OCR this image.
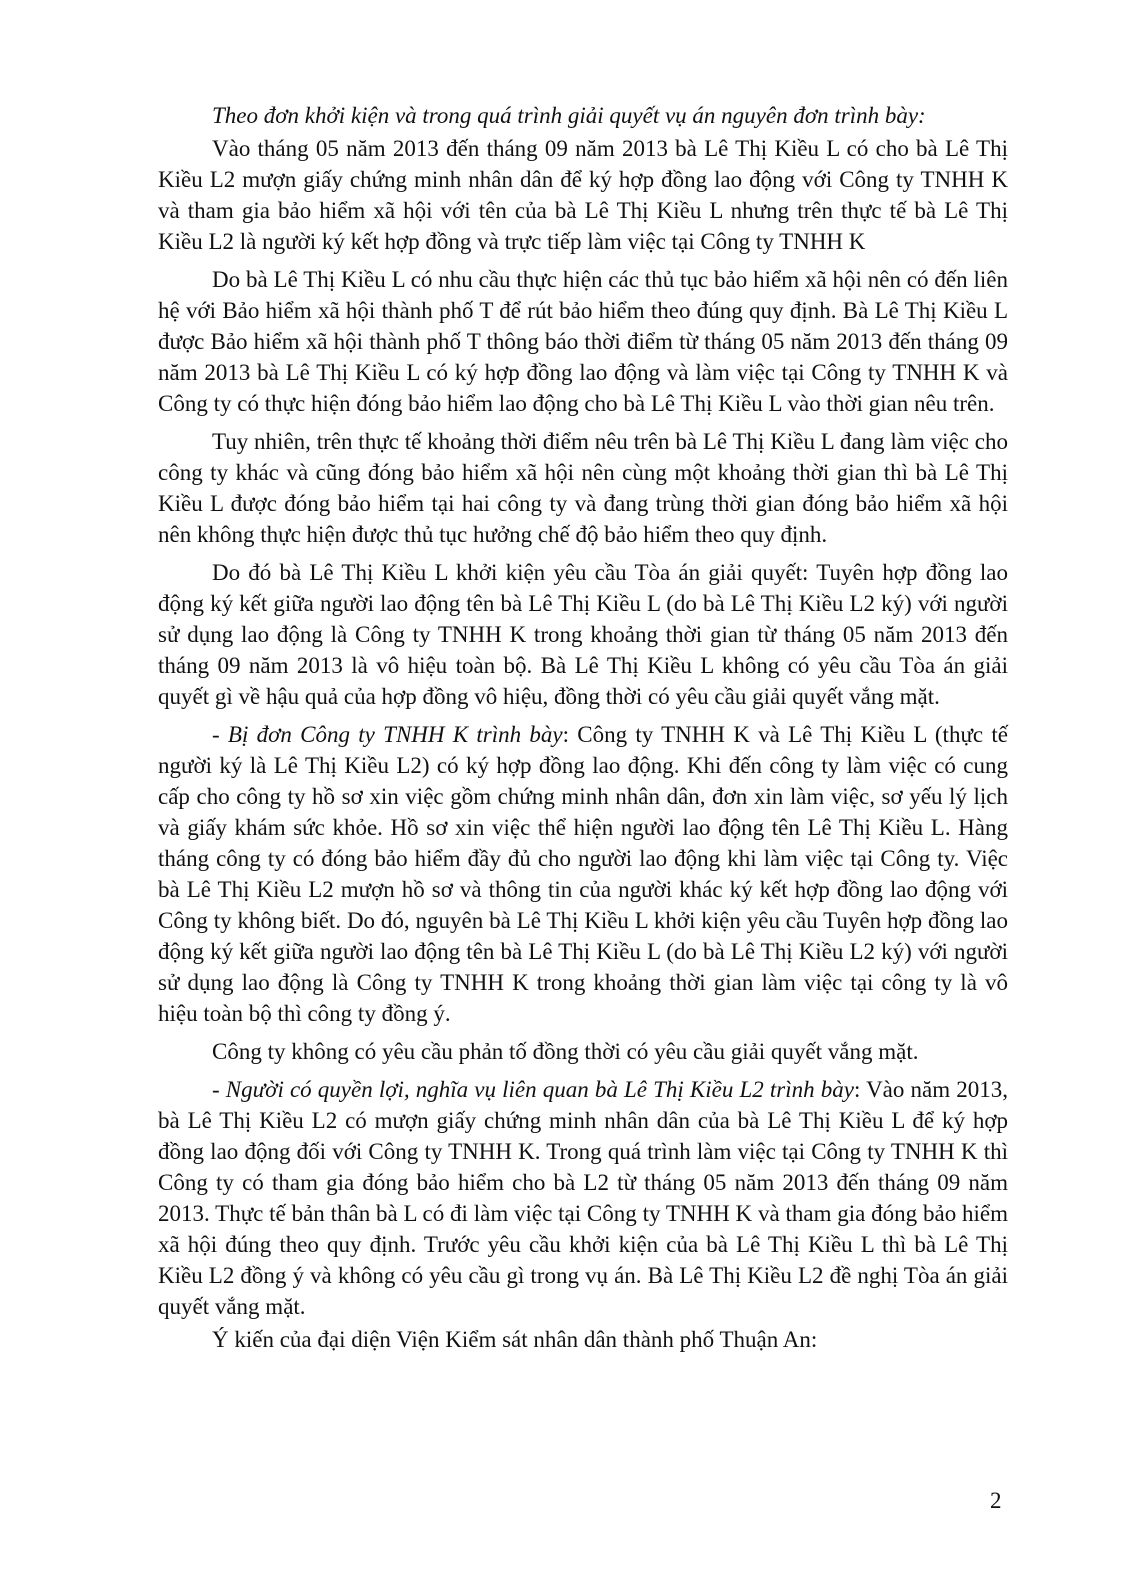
Theo đơn khởi kiện và trong quá trình giải quyết vụ án nguyên đơn trình bày:

Vào tháng 05 năm 2013 đến tháng 09 năm 2013 bà Lê Thị Kiều L có cho bà Lê Thị Kiều L2 mượn giấy chứng minh nhân dân để ký hợp đồng lao động với Công ty TNHH K và tham gia bảo hiểm xã hội với tên của bà Lê Thị Kiều L nhưng trên thực tế bà Lê Thị Kiều L2 là người ký kết hợp đồng và trực tiếp làm việc tại Công ty TNHH K

Do bà Lê Thị Kiều L có nhu cầu thực hiện các thủ tục bảo hiểm xã hội nên có đến liên hệ với Bảo hiểm xã hội thành phố T để rút bảo hiểm theo đúng quy định. Bà Lê Thị Kiều L được Bảo hiểm xã hội thành phố T thông báo thời điểm từ tháng 05 năm 2013 đến tháng 09 năm 2013 bà Lê Thị Kiều L có ký hợp đồng lao động và làm việc tại Công ty TNHH K và Công ty có thực hiện đóng bảo hiểm lao động cho bà Lê Thị Kiều L vào thời gian nêu trên.

Tuy nhiên, trên thực tế khoảng thời điểm nêu trên bà Lê Thị Kiều L đang làm việc cho công ty khác và cũng đóng bảo hiểm xã hội nên cùng một khoảng thời gian thì bà Lê Thị Kiều L được đóng bảo hiểm tại hai công ty và đang trùng thời gian đóng bảo hiểm xã hội nên không thực hiện được thủ tục hưởng chế độ bảo hiểm theo quy định.

Do đó bà Lê Thị Kiều L khởi kiện yêu cầu Tòa án giải quyết: Tuyên hợp đồng lao động ký kết giữa người lao động tên bà Lê Thị Kiều L (do bà Lê Thị Kiều L2 ký) với người sử dụng lao động là Công ty TNHH K trong khoảng thời gian từ tháng 05 năm 2013 đến tháng 09 năm 2013 là vô hiệu toàn bộ. Bà Lê Thị Kiều L không có yêu cầu Tòa án giải quyết gì về hậu quả của hợp đồng vô hiệu, đồng thời có yêu cầu giải quyết vắng mặt.

- Bị đơn Công ty TNHH K trình bày: Công ty TNHH K và Lê Thị Kiều L (thực tế người ký là Lê Thị Kiều L2) có ký hợp đồng lao động. Khi đến công ty làm việc có cung cấp cho công ty hồ sơ xin việc gồm chứng minh nhân dân, đơn xin làm việc, sơ yếu lý lịch và giấy khám sức khỏe. Hồ sơ xin việc thể hiện người lao động tên Lê Thị Kiều L. Hàng tháng công ty có đóng bảo hiểm đầy đủ cho người lao động khi làm việc tại Công ty. Việc bà Lê Thị Kiều L2 mượn hồ sơ và thông tin của người khác ký kết hợp đồng lao động với Công ty không biết. Do đó, nguyên bà Lê Thị Kiều L khởi kiện yêu cầu Tuyên hợp đồng lao động ký kết giữa người lao động tên bà Lê Thị Kiều L (do bà Lê Thị Kiều L2 ký) với người sử dụng lao động là Công ty TNHH K trong khoảng thời gian làm việc tại công ty là vô hiệu toàn bộ thì công ty đồng ý.

Công ty không có yêu cầu phản tố đồng thời có yêu cầu giải quyết vắng mặt.

- Người có quyền lợi, nghĩa vụ liên quan bà Lê Thị Kiều L2 trình bày: Vào năm 2013, bà Lê Thị Kiều L2 có mượn giấy chứng minh nhân dân của bà Lê Thị Kiều L để ký hợp đồng lao động đối với Công ty TNHH K. Trong quá trình làm việc tại Công ty TNHH K thì Công ty có tham gia đóng bảo hiểm cho bà L2 từ tháng 05 năm 2013 đến tháng 09 năm 2013. Thực tế bản thân bà L có đi làm việc tại Công ty TNHH K và tham gia đóng bảo hiểm xã hội đúng theo quy định. Trước yêu cầu khởi kiện của bà Lê Thị Kiều L thì bà Lê Thị Kiều L2 đồng ý và không có yêu cầu gì trong vụ án. Bà Lê Thị Kiều L2 đề nghị Tòa án giải quyết vắng mặt.

Ý kiến của đại diện Viện Kiểm sát nhân dân thành phố Thuận An:

2
